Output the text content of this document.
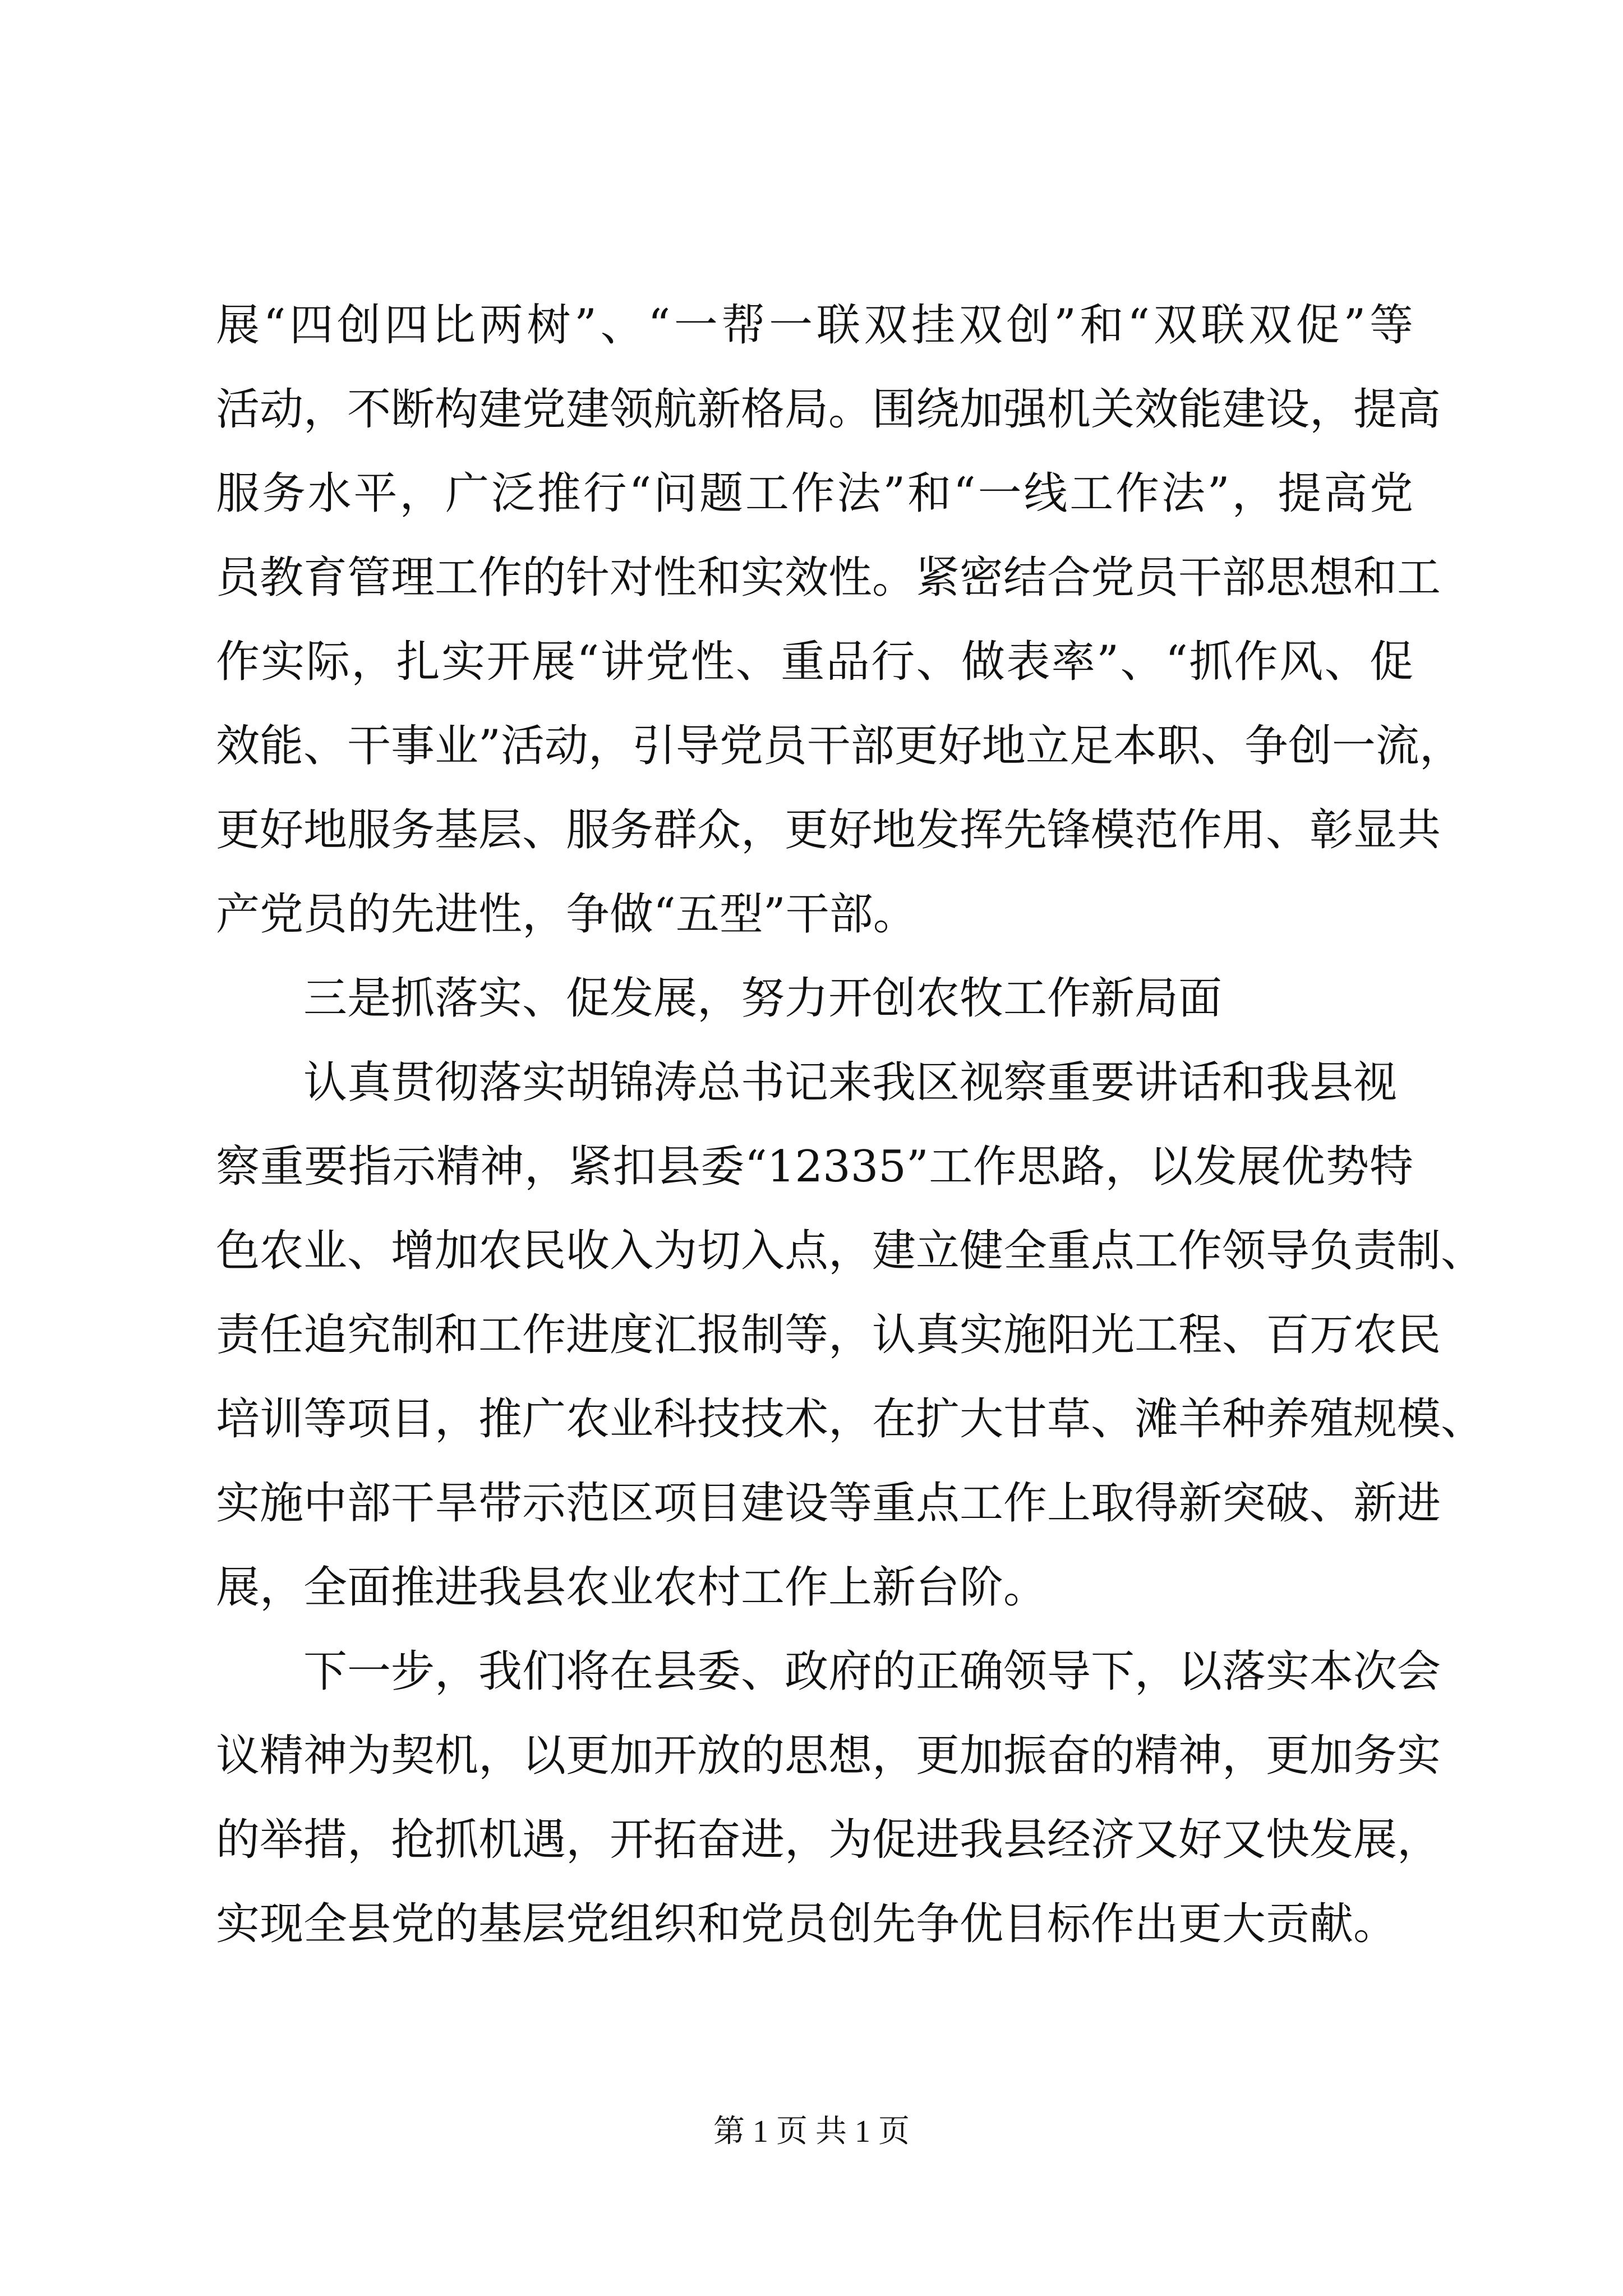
展“四创四比两树”、“一帮一联双挂双创”和“双联双促”等
活动，不断构建党建领航新格局。围绕加强机关效能建设，提高
服务水平，广泛推行“问题工作法”和“一线工作法”，提高党
员教育管理工作的针对性和实效性。紧密结合党员干部思想和工
作实际，扎实开展“讲党性、重品行、做表率”、“抓作风、促
效能、干事业”活动，引导党员干部更好地立足本职、争创一流，
更好地服务基层、服务群众，更好地发挥先锋模范作用、彰显共
产党员的先进性，争做“五型”干部。
三是抓落实、促发展，努力开创农牧工作新局面
认真贯彻落实胡锦涛总书记来我区视察重要讲话和我县视
察重要指示精神，紧扣县委“12335”工作思路，以发展优势特
色农业、增加农民收入为切入点，建立健全重点工作领导负责制、
责任追究制和工作进度汇报制等，认真实施阳光工程、百万农民
培训等项目，推广农业科技技术，在扩大甘草、滩羊种养殖规模、
实施中部干旱带示范区项目建设等重点工作上取得新突破、新进
展，全面推进我县农业农村工作上新台阶。
下一步，我们将在县委、政府的正确领导下，以落实本次会
议精神为契机，以更加开放的思想，更加振奋的精神，更加务实
的举措，抢抓机遇，开拓奋进，为促进我县经济又好又快发展，
实现全县党的基层党组织和党员创先争优目标作出更大贡献。
第 1 页 共 1 页
